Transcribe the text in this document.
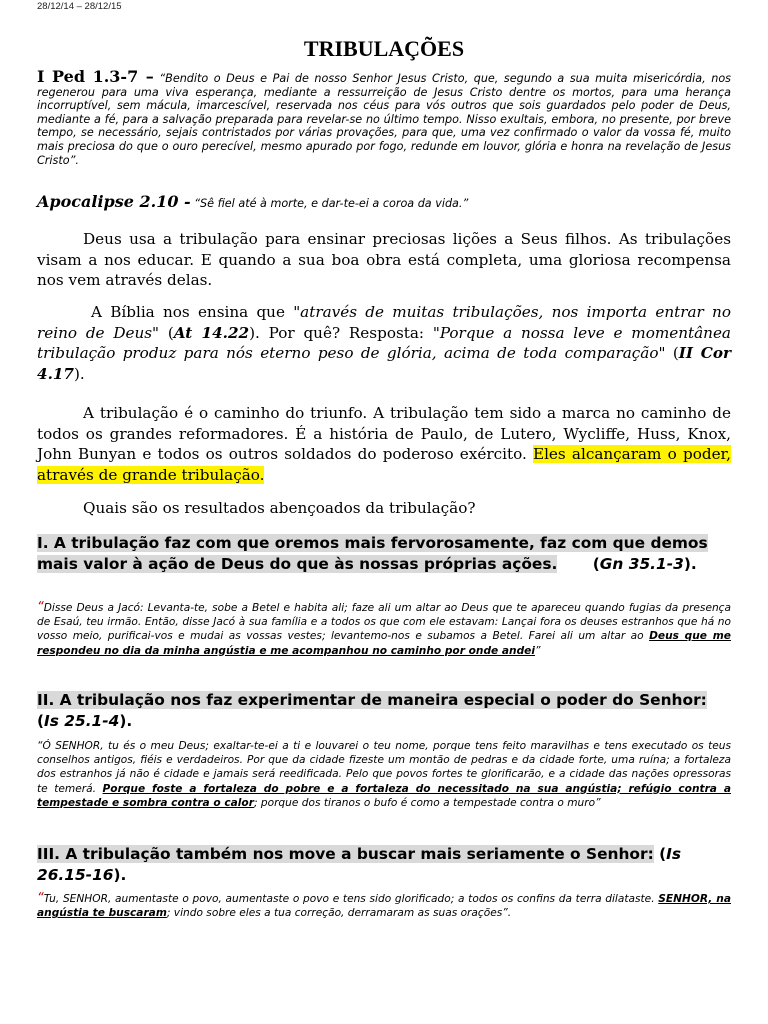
28/12/14 – 28/12/15
TRIBULAÇÕES
I Ped 1.3-7 – “Bendito o Deus e Pai de nosso Senhor Jesus Cristo, que, segundo a sua muita misericórdia, nos regenerou para uma viva esperança, mediante a ressurreição de Jesus Cristo dentre os mortos, para uma herança incorruptível, sem mácula, imarcescível, reservada nos céus para vós outros que sois guardados pelo poder de Deus, mediante a fé, para a salvação preparada para revelar-se no último tempo. Nisso exultais, embora, no presente, por breve tempo, se necessário, sejais contristados por várias provações, para que, uma vez confirmado o valor da vossa fé, muito mais preciosa do que o ouro perecível, mesmo apurado por fogo, redunde em louvor, glória e honra na revelação de Jesus Cristo”.
Apocalipse 2.10 - “Sê fiel até à morte, e dar-te-ei a coroa da vida.”
Deus usa a tribulação para ensinar preciosas lições a Seus filhos. As tribulações visam a nos educar. E quando a sua boa obra está completa, uma gloriosa recompensa nos vem através delas.
A Bíblia nos ensina que "através de muitas tribulações, nos importa entrar no reino de Deus" (At 14.22). Por quê? Resposta: "Porque a nossa leve e momentânea tribulação produz para nós eterno peso de glória, acima de toda comparação" (II Cor 4.17).
A tribulação é o caminho do triunfo. A tribulação tem sido a marca no caminho de todos os grandes reformadores. É a história de Paulo, de Lutero, Wycliffe, Huss, Knox, John Bunyan e todos os outros soldados do poderoso exército. Eles alcançaram o poder, através de grande tribulação.
Quais são os resultados abençoados da tribulação?
I. A tribulação faz com que oremos mais fervorosamente, faz com que demos mais valor à ação de Deus do que às nossas próprias ações. (Gn 35.1-3).
“Disse Deus a Jacó: Levanta-te, sobe a Betel e habita ali; faze ali um altar ao Deus que te apareceu quando fugias da presença de Esaú, teu irmão. Então, disse Jacó à sua família e a todos os que com ele estavam: Lançai fora os deuses estranhos que há no vosso meio, purificai-vos e mudai as vossas vestes; levantemo-nos e subamos a Betel. Farei ali um altar ao Deus que me respondeu no dia da minha angústia e me acompanhou no caminho por onde andei”
II. A tribulação nos faz experimentar de maneira especial o poder do Senhor: (Is 25.1-4).
“Ó SENHOR, tu és o meu Deus; exaltar-te-ei a ti e louvarei o teu nome, porque tens feito maravilhas e tens executado os teus conselhos antigos, fiéis e verdadeiros. Por que da cidade fizeste um montão de pedras e da cidade forte, uma ruína; a fortaleza dos estranhos já não é cidade e jamais será reedificada. Pelo que povos fortes te glorificarão, e a cidade das nações opressoras te temerá. Porque foste a fortaleza do pobre e a fortaleza do necessitado na sua angústia; refúgio contra a tempestade e sombra contra o calor; porque dos tiranos o bufo é como a tempestade contra o muro”
III. A tribulação também nos move a buscar mais seriamente o Senhor: (Is 26.15-16).
“Tu, SENHOR, aumentaste o povo, aumentaste o povo e tens sido glorificado; a todos os confins da terra dilataste. SENHOR, na angústia te buscaram; vindo sobre eles a tua correção, derramaram as suas orações”.
